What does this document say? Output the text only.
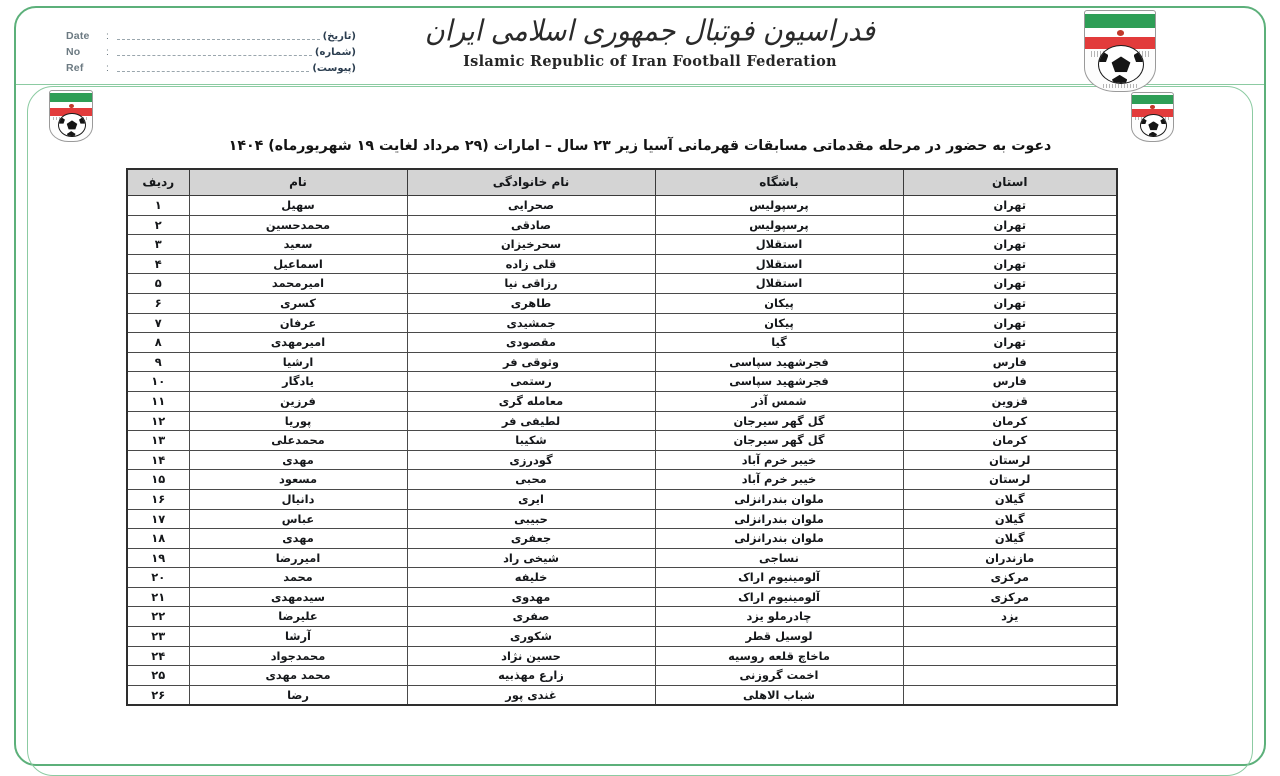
Date	:	(تاریخ)
No	:	(شماره)
Ref	:	(پیوست)
فدراسیون فوتبال جمهوری اسلامی ایران
Islamic Republic of Iran Football Federation
دعوت به حضور در مرحله مقدماتی مسابقات قهرمانی آسیا زیر ۲۳ سال – امارات (۲۹ مرداد لغایت ۱۹ شهریورماه) ۱۴۰۴
استان	باشگاه	نام خانوادگی	نام	ردیف
تهران	پرسپولیس	صحرایی	سهیل	۱
تهران	پرسپولیس	صادقی	محمدحسین	۲
تهران	استقلال	سحرخیزان	سعید	۳
تهران	استقلال	قلی زاده	اسماعیل	۴
تهران	استقلال	رزاقی نیا	امیرمحمد	۵
تهران	پیکان	طاهری	کسری	۶
تهران	پیکان	جمشیدی	عرفان	۷
تهران	گیا	مقصودی	امیرمهدی	۸
فارس	فجرشهید سپاسی	وثوقی فر	ارشیا	۹
فارس	فجرشهید سپاسی	رستمی	یادگار	۱۰
قزوین	شمس آذر	معامله گری	فرزین	۱۱
کرمان	گل گهر سیرجان	لطیفی فر	پوریا	۱۲
کرمان	گل گهر سیرجان	شکیبا	محمدعلی	۱۳
لرستان	خیبر خرم آباد	گودرزی	مهدی	۱۴
لرستان	خیبر خرم آباد	محبی	مسعود	۱۵
گیلان	ملوان بندرانزلی	ایری	دانیال	۱۶
گیلان	ملوان بندرانزلی	حبیبی	عباس	۱۷
گیلان	ملوان بندرانزلی	جعفری	مهدی	۱۸
مازندران	نساجی	شیخی راد	امیررضا	۱۹
مرکزی	آلومینیوم اراک	خلیفه	محمد	۲۰
مرکزی	آلومینیوم اراک	مهدوی	سیدمهدی	۲۱
یزد	چادرملو یزد	صفری	علیرضا	۲۲
	لوسیل قطر	شکوری	آرشا	۲۳
	ماخاچ قلعه روسیه	حسین نژاد	محمدجواد	۲۴
	اخمت گروزنی	زارع مهذبیه	محمد مهدی	۲۵
	شباب الاهلی	غندی پور	رضا	۲۶
